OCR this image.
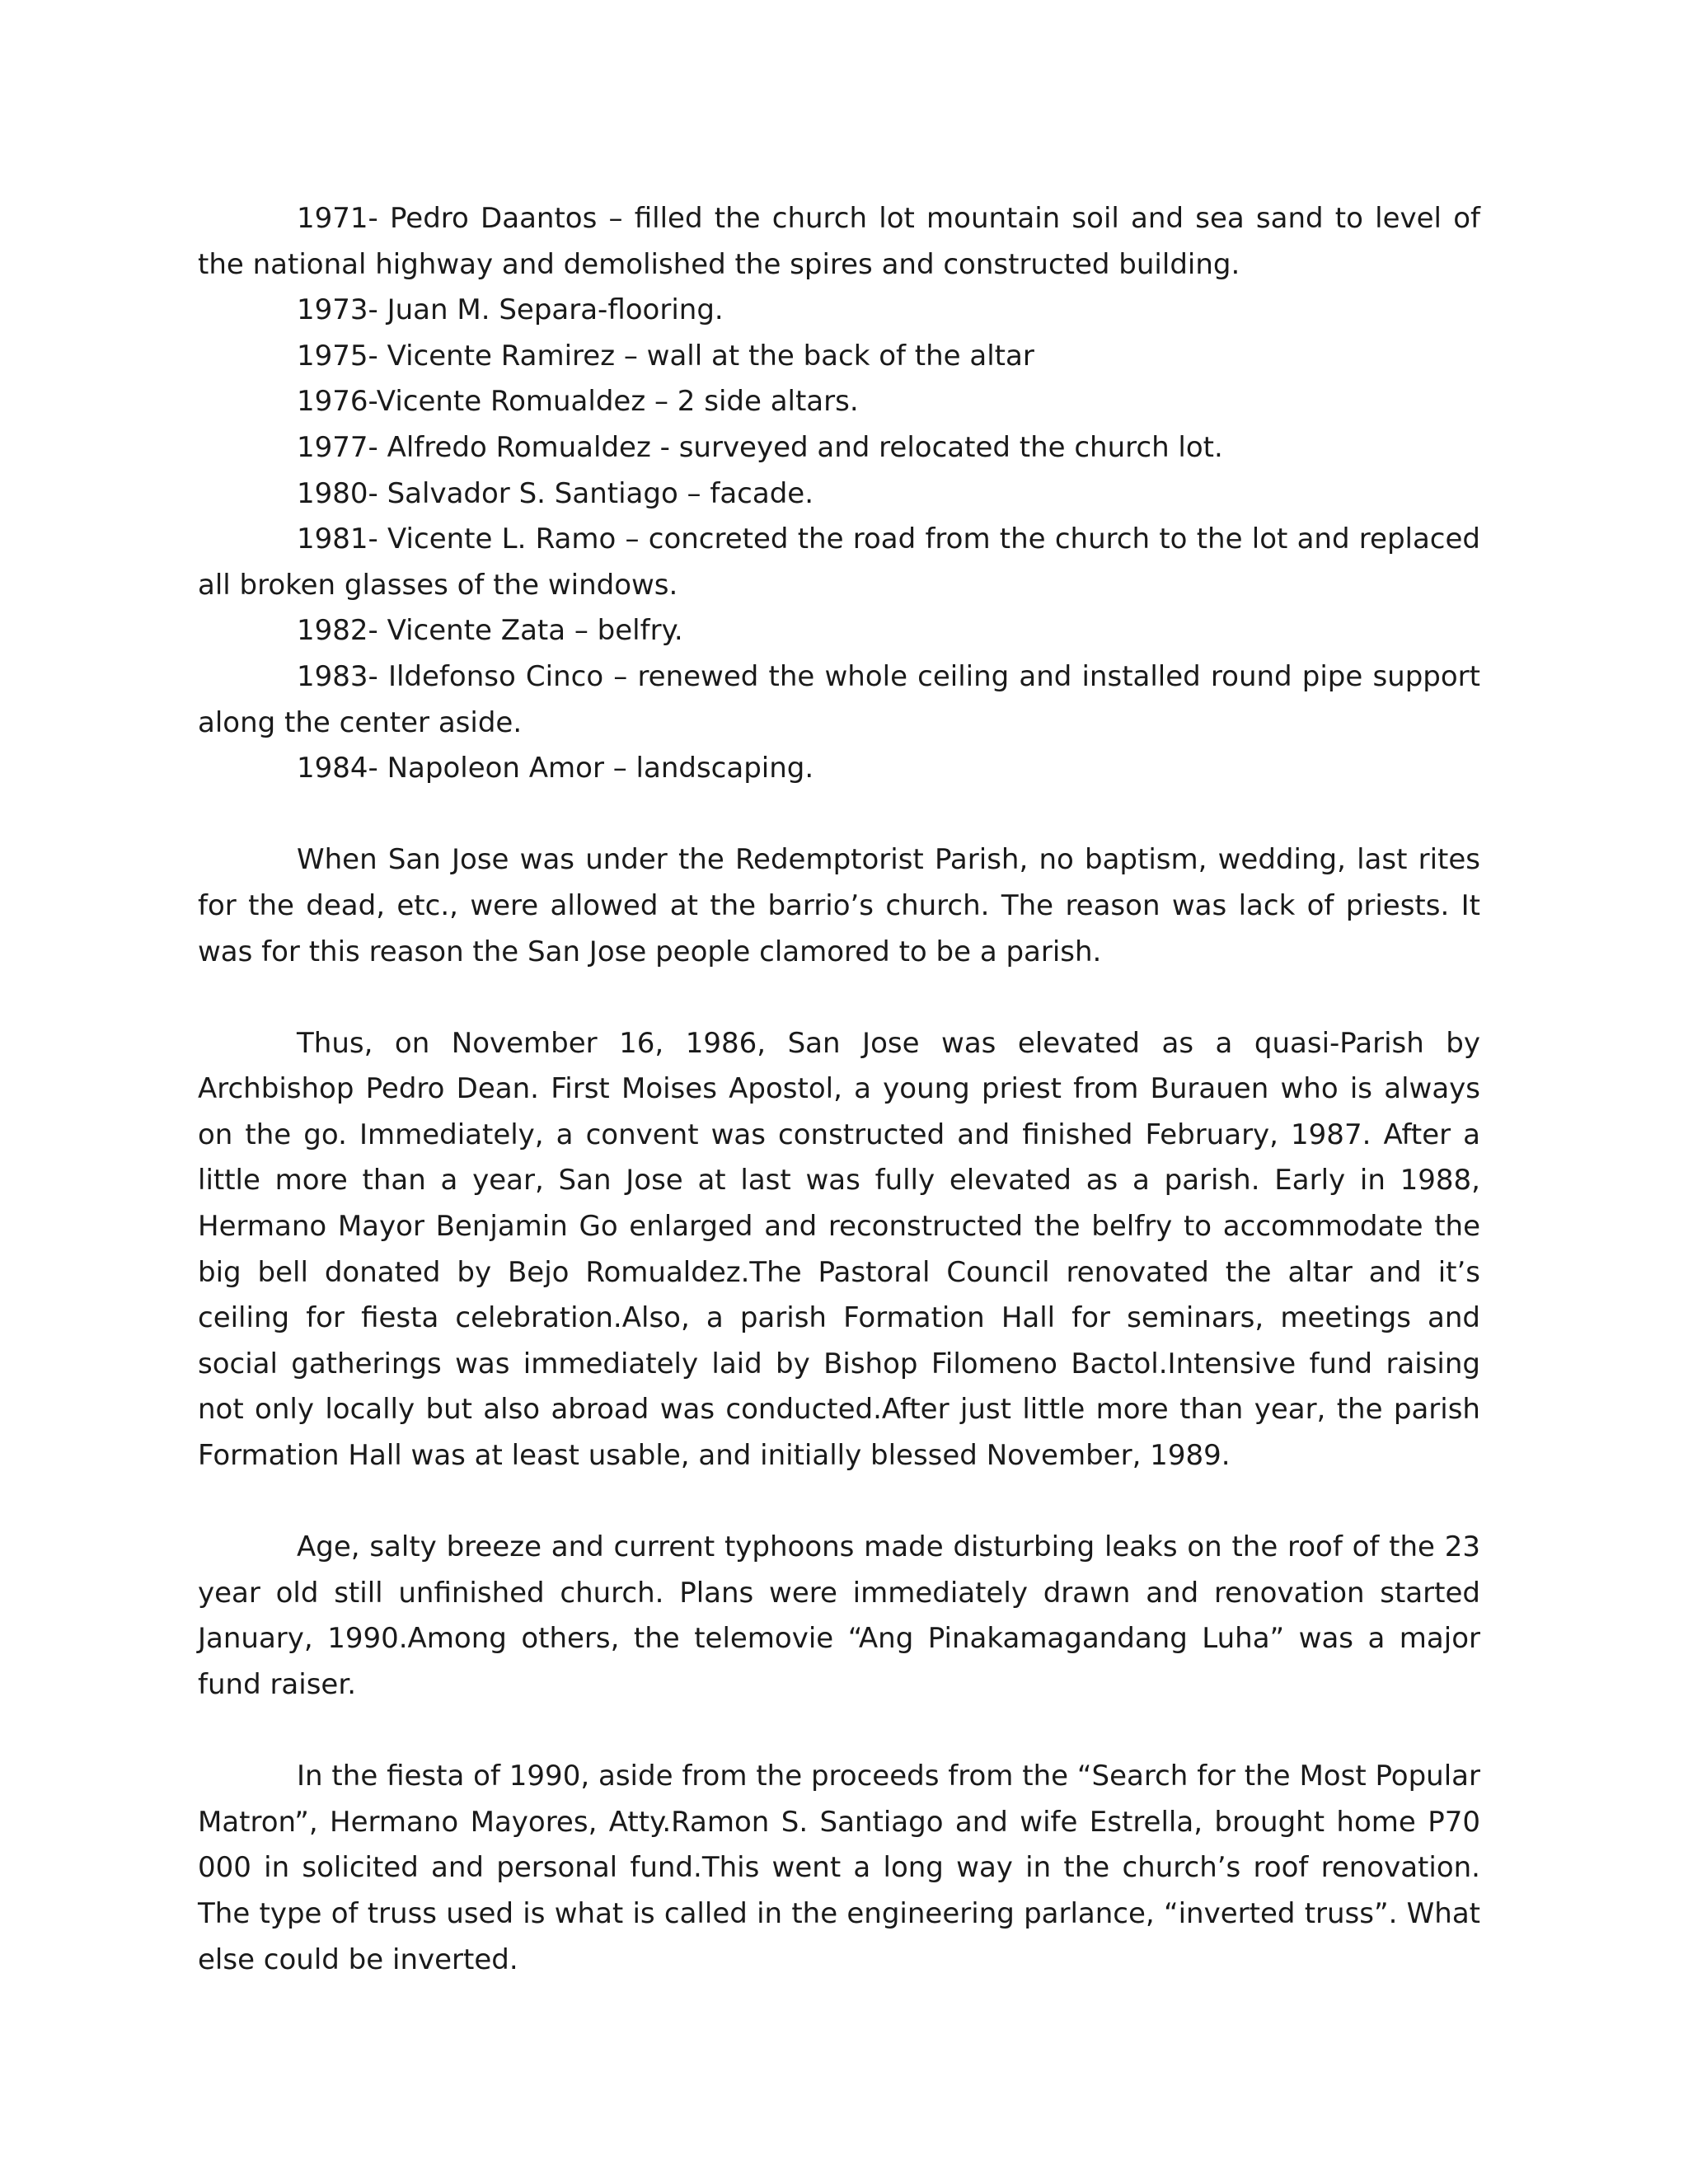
1971- Pedro Daantos – filled the church lot mountain soil and sea sand to level of the national highway and demolished the spires and constructed building.

1973- Juan M. Separa-flooring.

1975- Vicente Ramirez – wall at the back of the altar

1976-Vicente Romualdez – 2 side altars.

1977- Alfredo Romualdez - surveyed and relocated the church lot.

1980- Salvador S. Santiago – facade.

1981- Vicente L. Ramo – concreted the road from the church to the lot and replaced all broken glasses of the windows.

1982- Vicente Zata – belfry.

1983- Ildefonso Cinco – renewed the whole ceiling and installed round pipe support along the center aside.

1984- Napoleon Amor – landscaping.

When San Jose was under the Redemptorist Parish, no baptism, wedding, last rites for the dead, etc., were allowed at the barrio’s church. The reason was lack of priests. It was for this reason the San Jose people clamored to be a parish.

Thus, on November 16, 1986, San Jose was elevated as a quasi-Parish by Archbishop Pedro Dean. First Moises Apostol, a young priest from Burauen who is always on the go. Immediately, a convent was constructed and finished February, 1987. After a little more than a year, San Jose at last was fully elevated as a parish. Early in 1988, Hermano Mayor Benjamin Go enlarged and reconstructed the belfry to accommodate the big bell donated by Bejo Romualdez.The Pastoral Council renovated the altar and it’s ceiling for fiesta celebration.Also, a parish Formation Hall for seminars, meetings and social gatherings was immediately laid by Bishop Filomeno Bactol.Intensive fund raising not only locally but also abroad was conducted.After just little more than year, the parish Formation Hall was at least usable, and initially blessed November, 1989.

Age, salty breeze and current typhoons made disturbing leaks on the roof of the 23 year old still unfinished church. Plans were immediately drawn and renovation started January, 1990.Among others, the telemovie “Ang Pinakamagandang Luha” was a major fund raiser.

In the fiesta of 1990, aside from the proceeds from the “Search for the Most Popular Matron”, Hermano Mayores, Atty.Ramon S. Santiago and wife Estrella, brought home P70 000 in solicited and personal fund.This went a long way in the church’s roof renovation. The type of truss used is what is called in the engineering parlance, “inverted truss”. What else could be inverted.
